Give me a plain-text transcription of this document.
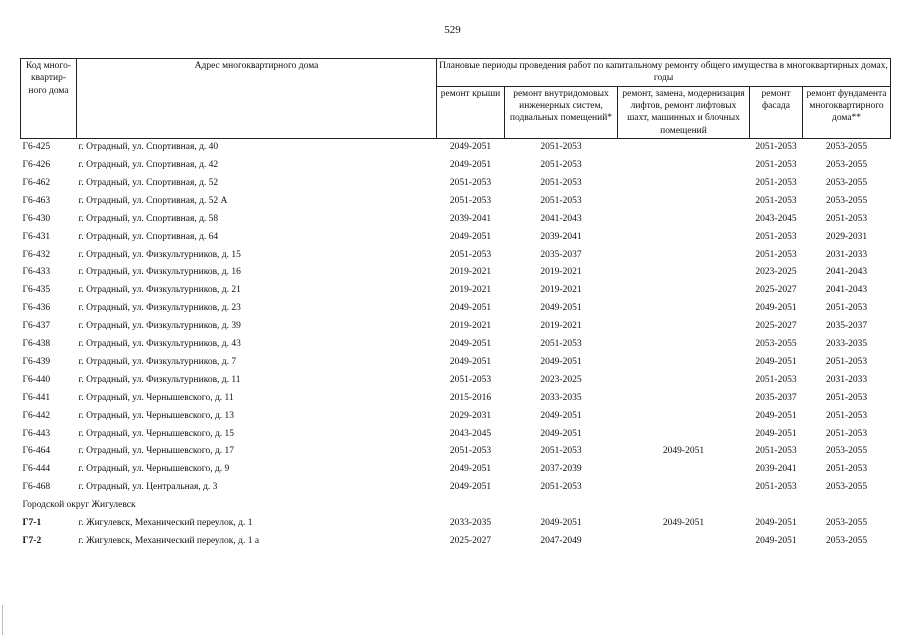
529
Код много-квартир-ного дома	Адрес многоквартирного дома	Плановые периоды проведения работ по капитальному ремонту общего имущества в многоквартирных домах, годы				
		ремонт крыши	ремонт внутридомовых инженерных систем, подвальных помещений*	ремонт, замена, модернизация лифтов, ремонт лифтовых шахт, машинных и блочных помещений	ремонт фасада	ремонт фундамента многоквартирного дома**
Г6-425	г. Отрадный, ул. Спортивная, д. 40	2049-2051	2051-2053		2051-2053	2053-2055
Г6-426	г. Отрадный, ул. Спортивная, д. 42	2049-2051	2051-2053		2051-2053	2053-2055
Г6-462	г. Отрадный, ул. Спортивная, д. 52	2051-2053	2051-2053		2051-2053	2053-2055
Г6-463	г. Отрадный, ул. Спортивная, д. 52 А	2051-2053	2051-2053		2051-2053	2053-2055
Г6-430	г. Отрадный, ул. Спортивная, д. 58	2039-2041	2041-2043		2043-2045	2051-2053
Г6-431	г. Отрадный, ул. Спортивная, д. 64	2049-2051	2039-2041		2051-2053	2029-2031
Г6-432	г. Отрадный, ул. Физкультурников, д. 15	2051-2053	2035-2037		2051-2053	2031-2033
Г6-433	г. Отрадный, ул. Физкультурников, д. 16	2019-2021	2019-2021		2023-2025	2041-2043
Г6-435	г. Отрадный, ул. Физкультурников, д. 21	2019-2021	2019-2021		2025-2027	2041-2043
Г6-436	г. Отрадный, ул. Физкультурников, д. 23	2049-2051	2049-2051		2049-2051	2051-2053
Г6-437	г. Отрадный, ул. Физкультурников, д. 39	2019-2021	2019-2021		2025-2027	2035-2037
Г6-438	г. Отрадный, ул. Физкультурников, д. 43	2049-2051	2051-2053		2053-2055	2033-2035
Г6-439	г. Отрадный, ул. Физкультурников, д. 7	2049-2051	2049-2051		2049-2051	2051-2053
Г6-440	г. Отрадный, ул. Физкультурников, д. 11	2051-2053	2023-2025		2051-2053	2031-2033
Г6-441	г. Отрадный, ул. Чернышевского, д. 11	2015-2016	2033-2035		2035-2037	2051-2053
Г6-442	г. Отрадный, ул. Чернышевского, д. 13	2029-2031	2049-2051		2049-2051	2051-2053
Г6-443	г. Отрадный, ул. Чернышевского, д. 15	2043-2045	2049-2051		2049-2051	2051-2053
Г6-464	г. Отрадный, ул. Чернышевского, д. 17	2051-2053	2051-2053	2049-2051	2051-2053	2053-2055
Г6-444	г. Отрадный, ул. Чернышевского, д. 9	2049-2051	2037-2039		2039-2041	2051-2053
Г6-468	г. Отрадный, ул. Центральная, д. 3	2049-2051	2051-2053		2051-2053	2053-2055
Городской округ Жигулевск						
Г7-1	г. Жигулевск, Механический переулок, д. 1	2033-2035	2049-2051	2049-2051	2049-2051	2053-2055
Г7-2	г. Жигулевск, Механический переулок, д. 1 а	2025-2027	2047-2049		2049-2051	2053-2055
